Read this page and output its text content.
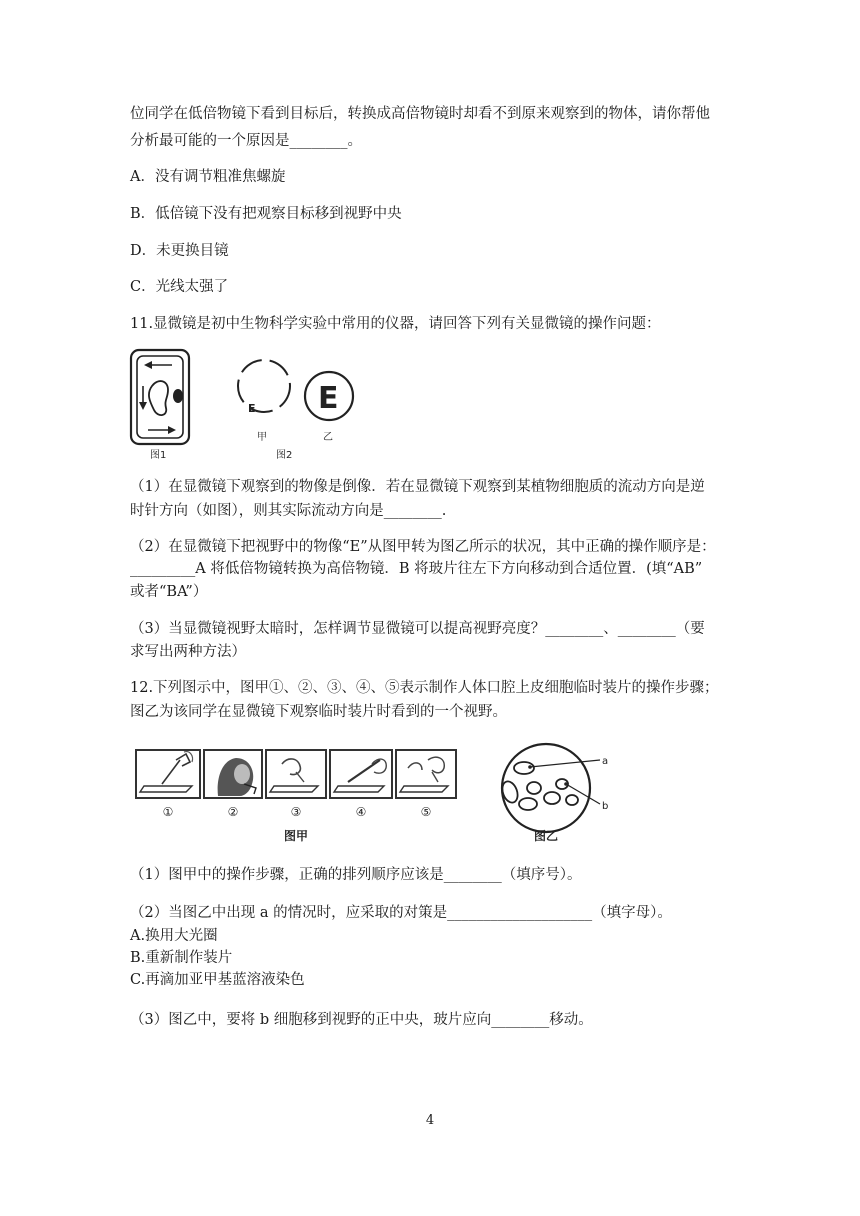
位同学在低倍物镜下看到目标后，转换成高倍物镜时却看不到原来观察到的物体，请你帮他
分析最可能的一个原因是________。
A．没有调节粗准焦螺旋
B．低倍镜下没有把观察目标移到视野中央
D．未更换目镜
C．光线太强了
11.显微镜是初中生物科学实验中常用的仪器，请回答下列有关显微镜的操作问题：
图1
E
甲
图2
E
乙
（1）在显微镜下观察到的物像是倒像．若在显微镜下观察到某植物细胞质的流动方向是逆
时针方向（如图），则其实际流动方向是________.
（2）在显微镜下把视野中的物像“E”从图甲转为图乙所示的状况，其中正确的操作顺序是：
_________A 将低倍物镜转换为高倍物镜．B 将玻片往左下方向移动到合适位置．(填“AB”
或者“BA”）
（3）当显微镜视野太暗时，怎样调节显微镜可以提高视野亮度？________、________（要
求写出两种方法）
12.下列图示中，图甲①、②、③、④、⑤表示制作人体口腔上皮细胞临时装片的操作步骤；
图乙为该同学在显微镜下观察临时装片时看到的一个视野。
①	②	③	④	⑤
图甲
a
b
图乙
（1）图甲中的操作步骤，正确的排列顺序应该是________（填序号）。
（2）当图乙中出现 a 的情况时，应采取的对策是____________________（填字母）。
A.换用大光圈
B.重新制作装片
C.再滴加亚甲基蓝溶液染色
（3）图乙中，要将 b 细胞移到视野的正中央，玻片应向________移动。
4
